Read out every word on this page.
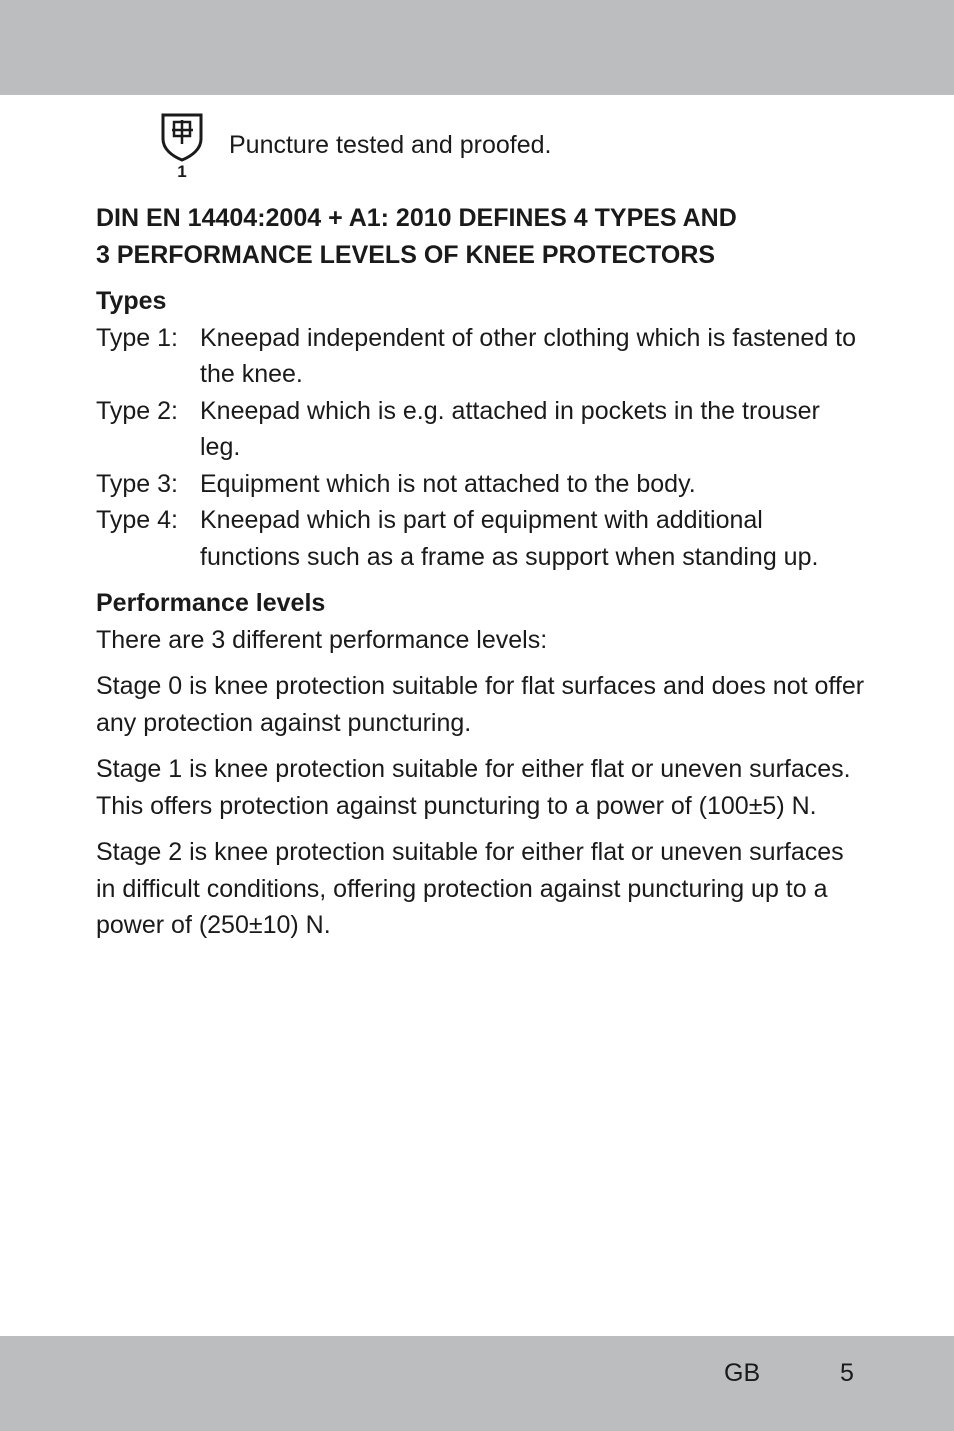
1
Puncture tested and proofed.
DIN EN 14404:2004 + A1: 2010 DEFINES 4 TYPES AND
3 PERFORMANCE LEVELS OF KNEE PROTECTORS
Types
Type 1: Kneepad independent of other clothing which is fastened to the knee.
Type 2: Kneepad which is e.g. attached in pockets in the trouser leg.
Type 3: Equipment which is not attached to the body.
Type 4: Kneepad which is part of equipment with additional functions such as a frame as support when standing up.
Performance levels

There are 3 different performance levels:

Stage 0 is knee protection suitable for flat surfaces and does not offer any protection against puncturing.

Stage 1 is knee protection suitable for either flat or uneven surfaces. This offers protection against puncturing to a power of (100±5) N.

Stage 2 is knee protection suitable for either flat or uneven surfaces in difficult conditions, offering protection against puncturing up to a power of (250±10) N.

GB	5
